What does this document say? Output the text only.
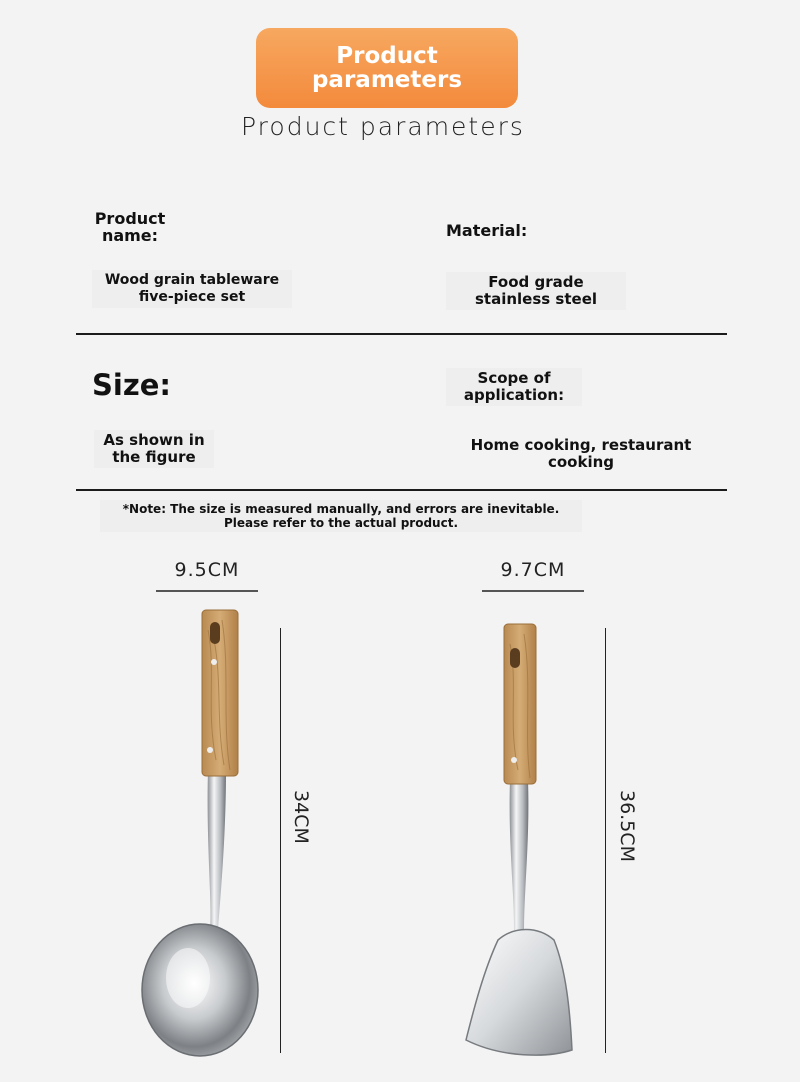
Product parameters
Product parameters
Product name:
Wood grain tableware five-piece set
Material:
Food grade stainless steel
Size:
As shown in the figure
Scope of application:
Home cooking, restaurant cooking
*Note: The size is measured manually, and errors are inevitable. Please refer to the actual product.
9.5CM
34CM
9.7CM
36.5CM
